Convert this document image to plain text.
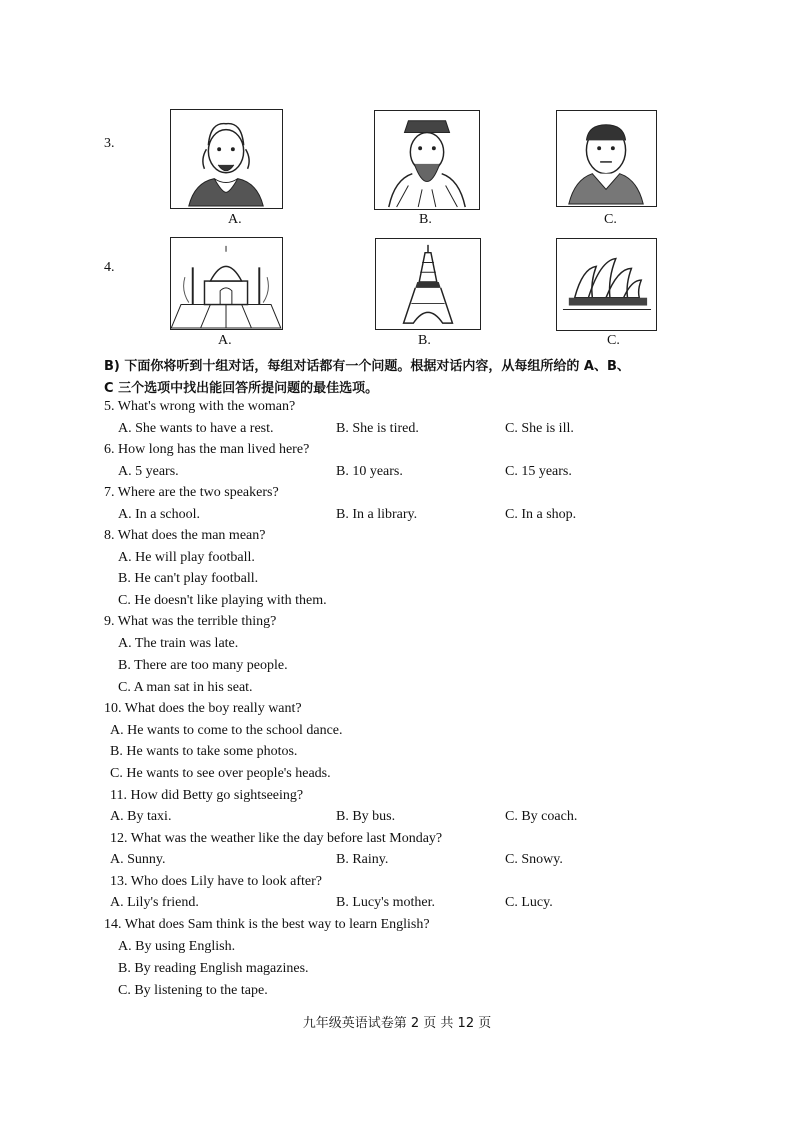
3.
A.	B.	C.
4.
A.	B.	C.
B) 下面你将听到十组对话，每组对话都有一个问题。根据对话内容，从每组所给的 A、B、
C 三个选项中找出能回答所提问题的最佳选项。
5. What's wrong with the woman?
A. She wants to have a rest.	B. She is tired.	C. She is ill.
6. How long has the man lived here?
A. 5 years.	B. 10 years.	C. 15 years.
7. Where are the two speakers?
A. In a school.	B. In a library.	C. In a shop.
8. What does the man mean?
A. He will play football.
B. He can't play football.
C. He doesn't like playing with them.
9. What was the terrible thing?
A. The train was late.
B. There are too many people.
C. A man sat in his seat.
10. What does the boy really want?
A. He wants to come to the school dance.
B. He wants to take some photos.
C. He wants to see over people's heads.
11. How did Betty go sightseeing?
A. By taxi.	B. By bus.	C. By coach.
12. What was the weather like the day before last Monday?
A. Sunny.	B. Rainy.	C. Snowy.
13. Who does Lily have to look after?
A. Lily's friend.	B. Lucy's mother.	C. Lucy.
14. What does Sam think is the best way to learn English?
A. By using English.
B. By reading English magazines.
C. By listening to the tape.
九年级英语试卷第 2 页 共 12 页
